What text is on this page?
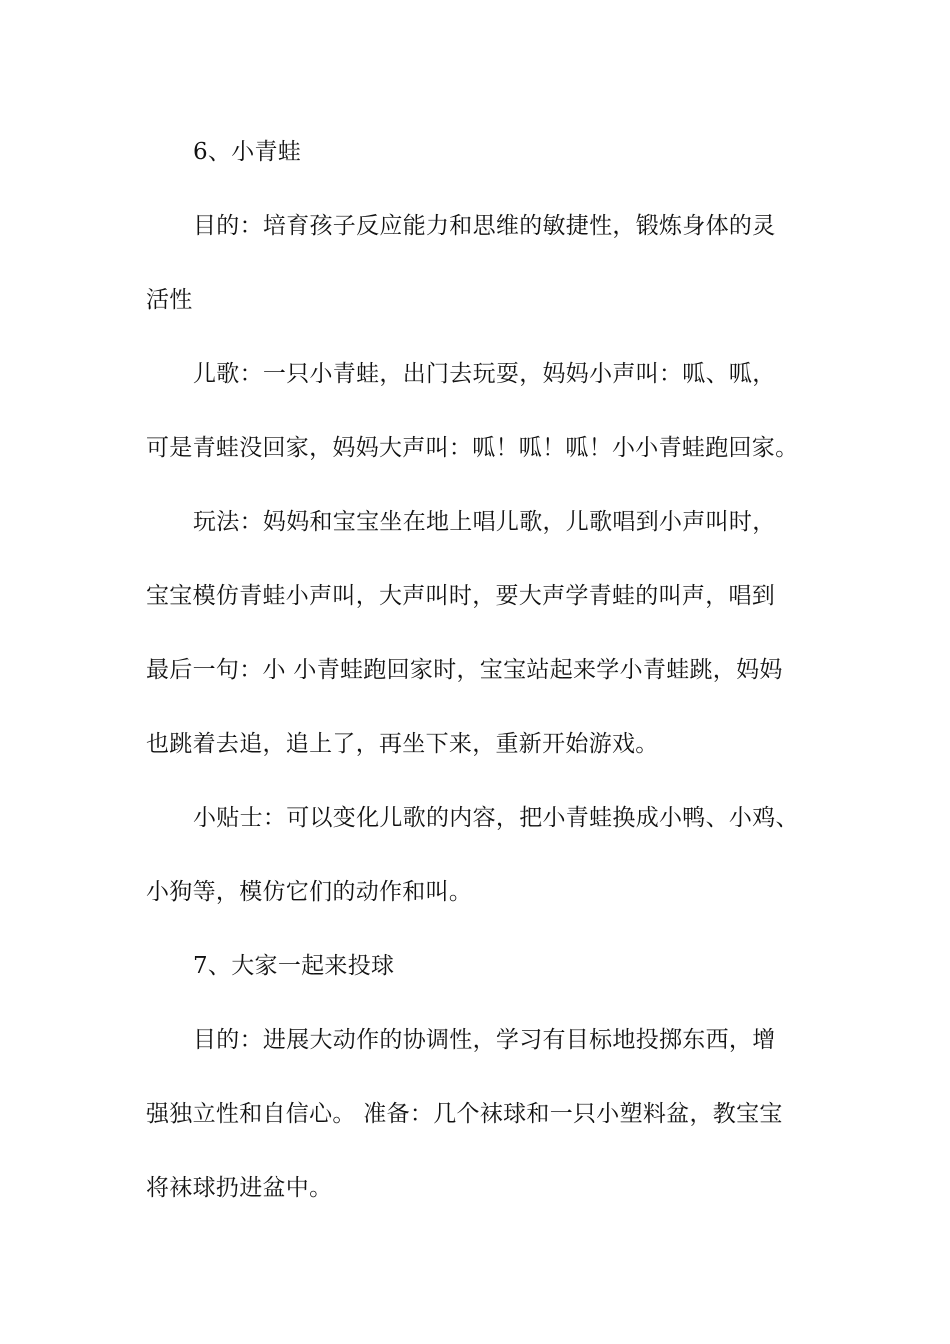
6、小青蛙
目的：培育孩子反应能力和思维的敏捷性，锻炼身体的灵
活性
儿歌：一只小青蛙，出门去玩耍，妈妈小声叫：呱、呱，
可是青蛙没回家，妈妈大声叫：呱！呱！呱！小小青蛙跑回家。
玩法：妈妈和宝宝坐在地上唱儿歌，儿歌唱到小声叫时，
宝宝模仿青蛙小声叫，大声叫时，要大声学青蛙的叫声，唱到
最后一句：小 小青蛙跑回家时，宝宝站起来学小青蛙跳，妈妈
也跳着去追，追上了，再坐下来，重新开始游戏。
小贴士：可以变化儿歌的内容，把小青蛙换成小鸭、小鸡、
小狗等，模仿它们的动作和叫。
7、大家一起来投球
目的：进展大动作的协调性，学习有目标地投掷东西，增
强独立性和自信心。 准备：几个袜球和一只小塑料盆，教宝宝
将袜球扔进盆中。
